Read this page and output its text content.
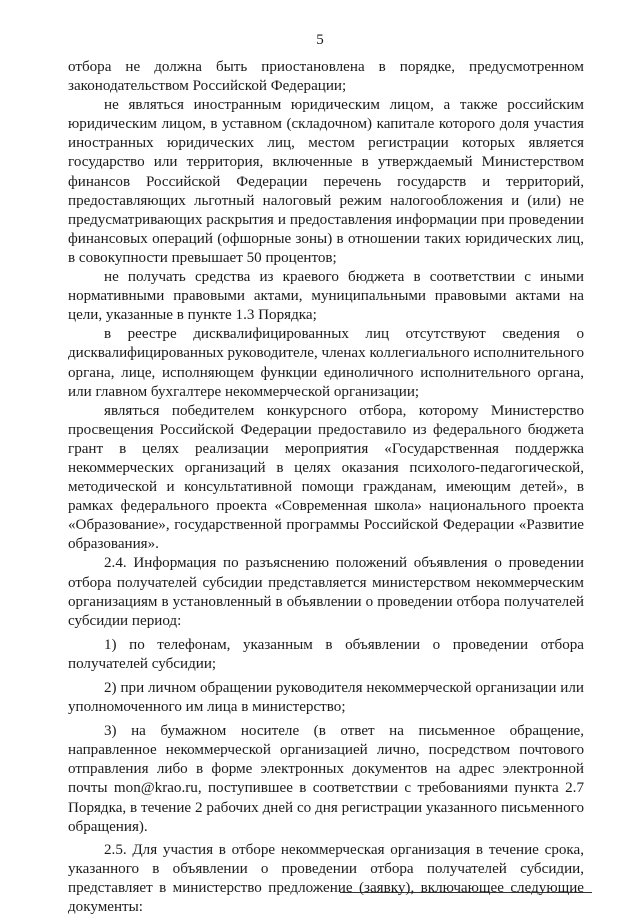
5

отбора не должна быть приостановлена в порядке, предусмотренном законодательством Российской Федерации;

не являться иностранным юридическим лицом, а также российским юридическим лицом, в уставном (складочном) капитале которого доля участия иностранных юридических лиц, местом регистрации которых является государство или территория, включенные в утверждаемый Министерством финансов Российской Федерации перечень государств и территорий, предоставляющих льготный налоговый режим налогообложения и (или) не предусматривающих раскрытия и предоставления информации при проведении финансовых операций (офшорные зоны) в отношении таких юридических лиц, в совокупности превышает 50 процентов;

не получать средства из краевого бюджета в соответствии с иными нормативными правовыми актами, муниципальными правовыми актами на цели, указанные в пункте 1.3 Порядка;

в реестре дисквалифицированных лиц отсутствуют сведения о дисквалифицированных руководителе, членах коллегиального исполнительного органа, лице, исполняющем функции единоличного исполнительного органа, или главном бухгалтере некоммерческой организации;

являться победителем конкурсного отбора, которому Министерство просвещения Российской Федерации предоставило из федерального бюджета грант в целях реализации мероприятия «Государственная поддержка некоммерческих организаций в целях оказания психолого-педагогической, методической и консультативной помощи гражданам, имеющим детей», в рамках федерального проекта «Современная школа» национального проекта «Образование», государственной программы Российской Федерации «Развитие образования».

2.4. Информация по разъяснению положений объявления о проведении отбора получателей субсидии представляется министерством некоммерческим организациям в установленный в объявлении о проведении отбора получателей субсидии период:

1) по телефонам, указанным в объявлении о проведении отбора получателей субсидии;

2) при личном обращении руководителя некоммерческой организации или уполномоченного им лица в министерство;

3) на бумажном носителе (в ответ на письменное обращение, направленное некоммерческой организацией лично, посредством почтового отправления либо в форме электронных документов на адрес электронной почты mon@krao.ru, поступившее в соответствии с требованиями пункта 2.7 Порядка, в течение 2 рабочих дней со дня регистрации указанного письменного обращения).

2.5. Для участия в отборе некоммерческая организация в течение срока, указанного в объявлении о проведении отбора получателей субсидии, представляет в министерство предложение (заявку), включающее следующие документы:
